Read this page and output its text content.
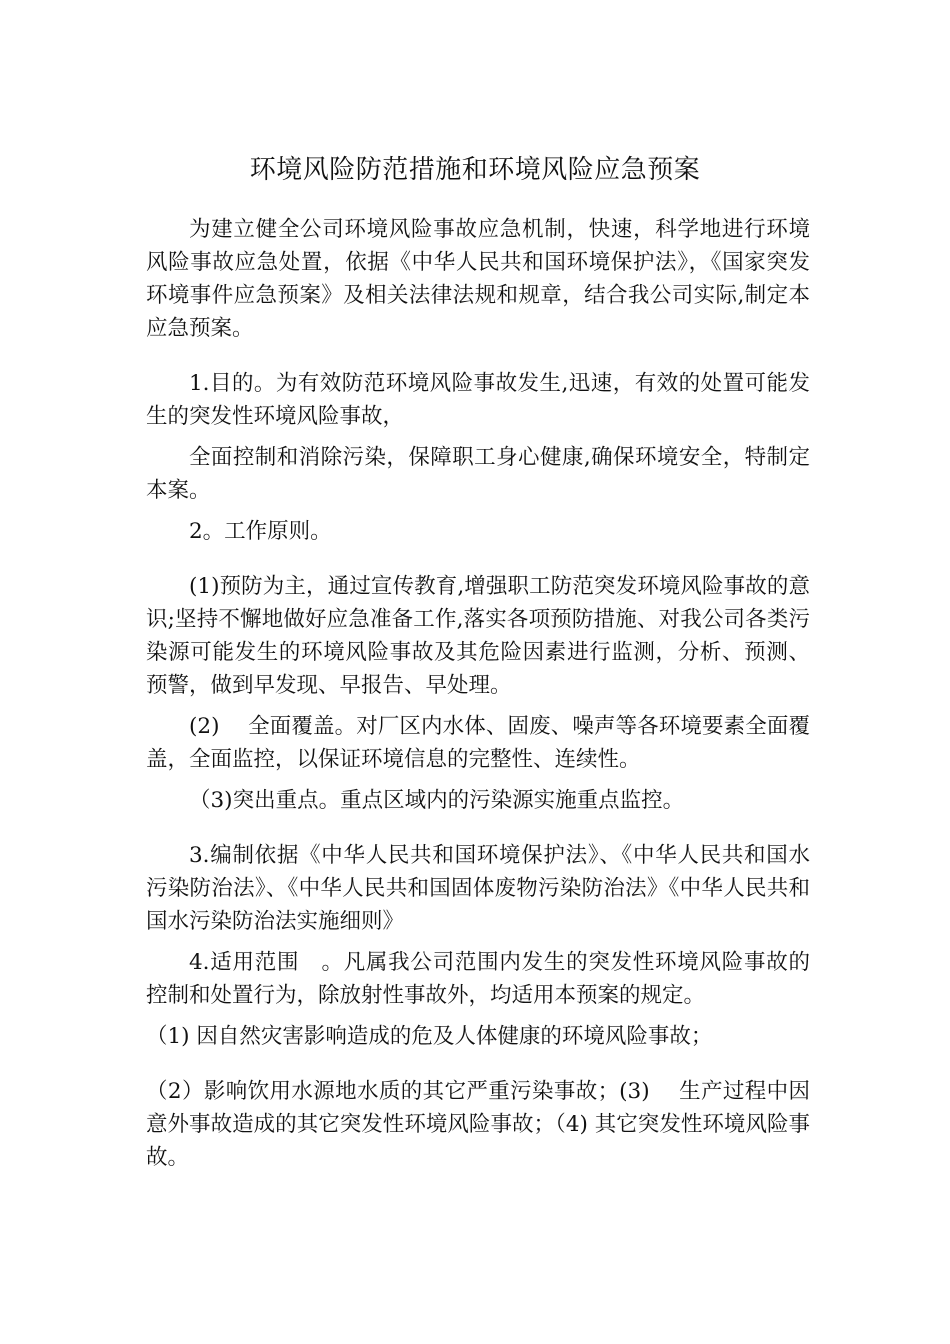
环境风险防范措施和环境风险应急预案

为建立健全公司环境风险事故应急机制，快速，科学地进行环境风险事故应急处置，依据《中华人民共和国环境保护法》，《国家突发环境事件应急预案》及相关法律法规和规章，结合我公司实际,制定本应急预案。

1.目的。为有效防范环境风险事故发生,迅速，有效的处置可能发生的突发性环境风险事故，

全面控制和消除污染，保障职工身心健康,确保环境安全，特制定本案。

2。工作原则。

(1)预防为主，通过宣传教育,增强职工防范突发环境风险事故的意识;坚持不懈地做好应急准备工作,落实各项预防措施、对我公司各类污染源可能发生的环境风险事故及其危险因素进行监测，分析、预测、预警，做到早发现、早报告、早处理。

(2)　 全面覆盖。对厂区内水体、固废、噪声等各环境要素全面覆盖，全面监控，以保证环境信息的完整性、连续性。

（3)突出重点。重点区域内的污染源实施重点监控。

3.编制依据《中华人民共和国环境保护法》、《中华人民共和国水污染防治法》、《中华人民共和国固体废物污染防治法》《中华人民共和国水污染防治法实施细则》

4.适用范围　。凡属我公司范围内发生的突发性环境风险事故的控制和处置行为，除放射性事故外，均适用本预案的规定。

（1) 因自然灾害影响造成的危及人体健康的环境风险事故；

（2）影响饮用水源地水质的其它严重污染事故；(3)　 生产过程中因意外事故造成的其它突发性环境风险事故；（4) 其它突发性环境风险事故。
